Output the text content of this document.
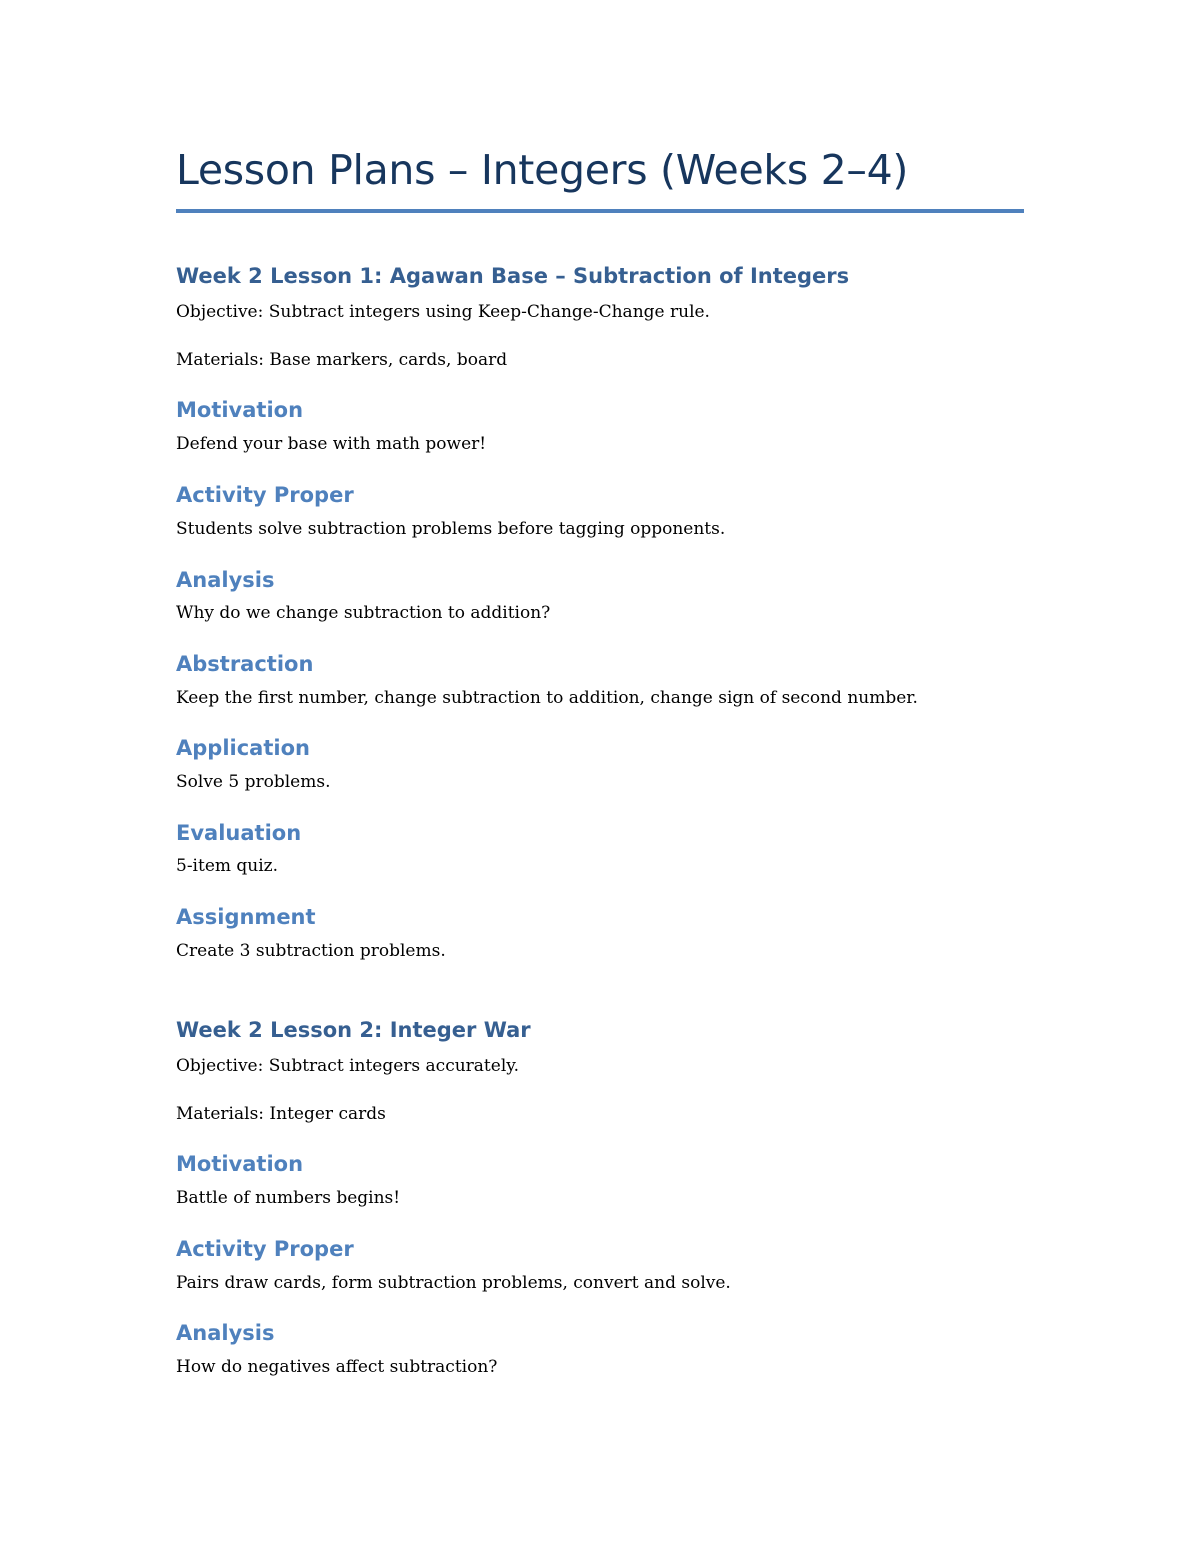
Lesson Plans – Integers (Weeks 2–4)
Week 2 Lesson 1: Agawan Base – Subtraction of Integers
Objective: Subtract integers using Keep-Change-Change rule.
Materials: Base markers, cards, board
Motivation
Defend your base with math power!
Activity Proper
Students solve subtraction problems before tagging opponents.
Analysis
Why do we change subtraction to addition?
Abstraction
Keep the first number, change subtraction to addition, change sign of second number.
Application
Solve 5 problems.
Evaluation
5-item quiz.
Assignment
Create 3 subtraction problems.
Week 2 Lesson 2: Integer War
Objective: Subtract integers accurately.
Materials: Integer cards
Motivation
Battle of numbers begins!
Activity Proper
Pairs draw cards, form subtraction problems, convert and solve.
Analysis
How do negatives affect subtraction?
